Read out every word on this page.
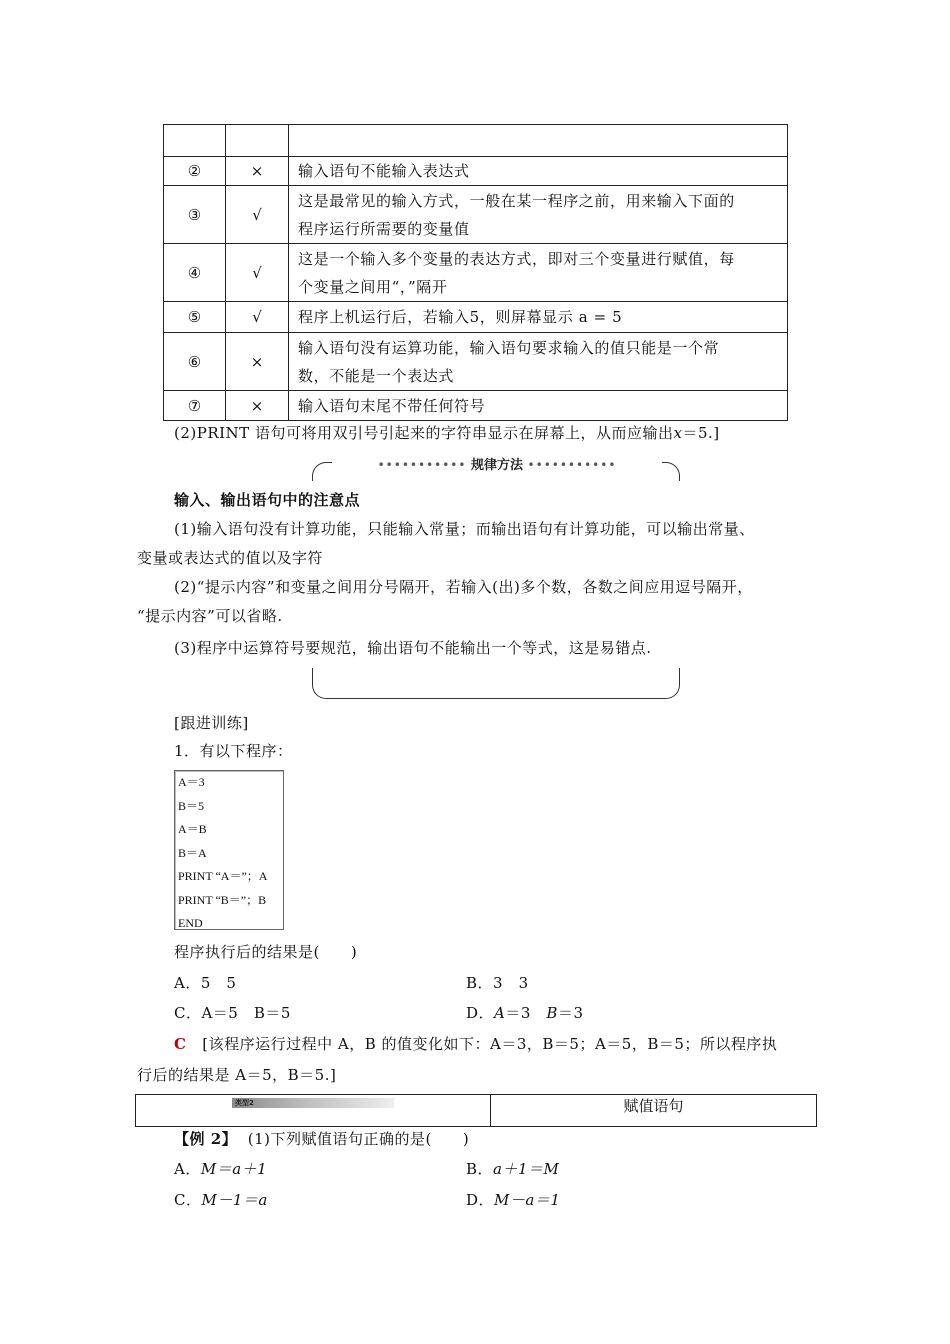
②	×	输入语句不能输入表达式
③	√	这是最常见的输入方式，一般在某一程序之前，用来输入下面的
程序运行所需要的变量值

④	√	这是一个输入多个变量的表达方式，即对三个变量进行赋值，每
个变量之间用“，”隔开

⑤	√	程序上机运行后，若输入5，则屏幕显示 a = 5
⑥	×	输入语句没有运算功能，输入语句要求输入的值只能是一个常
数，不能是一个表达式

⑦	×	输入语句末尾不带任何符号
(2)PRINT 语句可将用双引号引起来的字符串显示在屏幕上，从而应输出x＝5.]
••••••••••• 规律方法 •••••••••••
输入、输出语句中的注意点
(1)输入语句没有计算功能，只能输入常量；而输出语句有计算功能，可以输出常量、
变量或表达式的值以及字符
(2)“提示内容”和变量之间用分号隔开，若输入(出)多个数，各数之间应用逗号隔开，
“提示内容”可以省略.
(3)程序中运算符号要规范，输出语句不能输出一个等式，这是易错点.
[跟进训练]
1．有以下程序：
A＝3
B＝5
A＝B
B＝A
PRINT “A＝”；A
PRINT “B＝”；B
END
程序执行后的结果是(　　)
A．5　5	B．3　3
C．A＝5　B＝5	D．A＝3　B＝3
C [该程序运行过程中 A，B 的值变化如下：A＝3，B＝5；A＝5，B＝5；所以程序执
行后的结果是 A＝5，B＝5.]
类型2	赋值语句
【例 2】 (1)下列赋值语句正确的是(　　)
A．M＝a＋1	B．a＋1＝M
C．M－1＝a	D．M－a＝1
